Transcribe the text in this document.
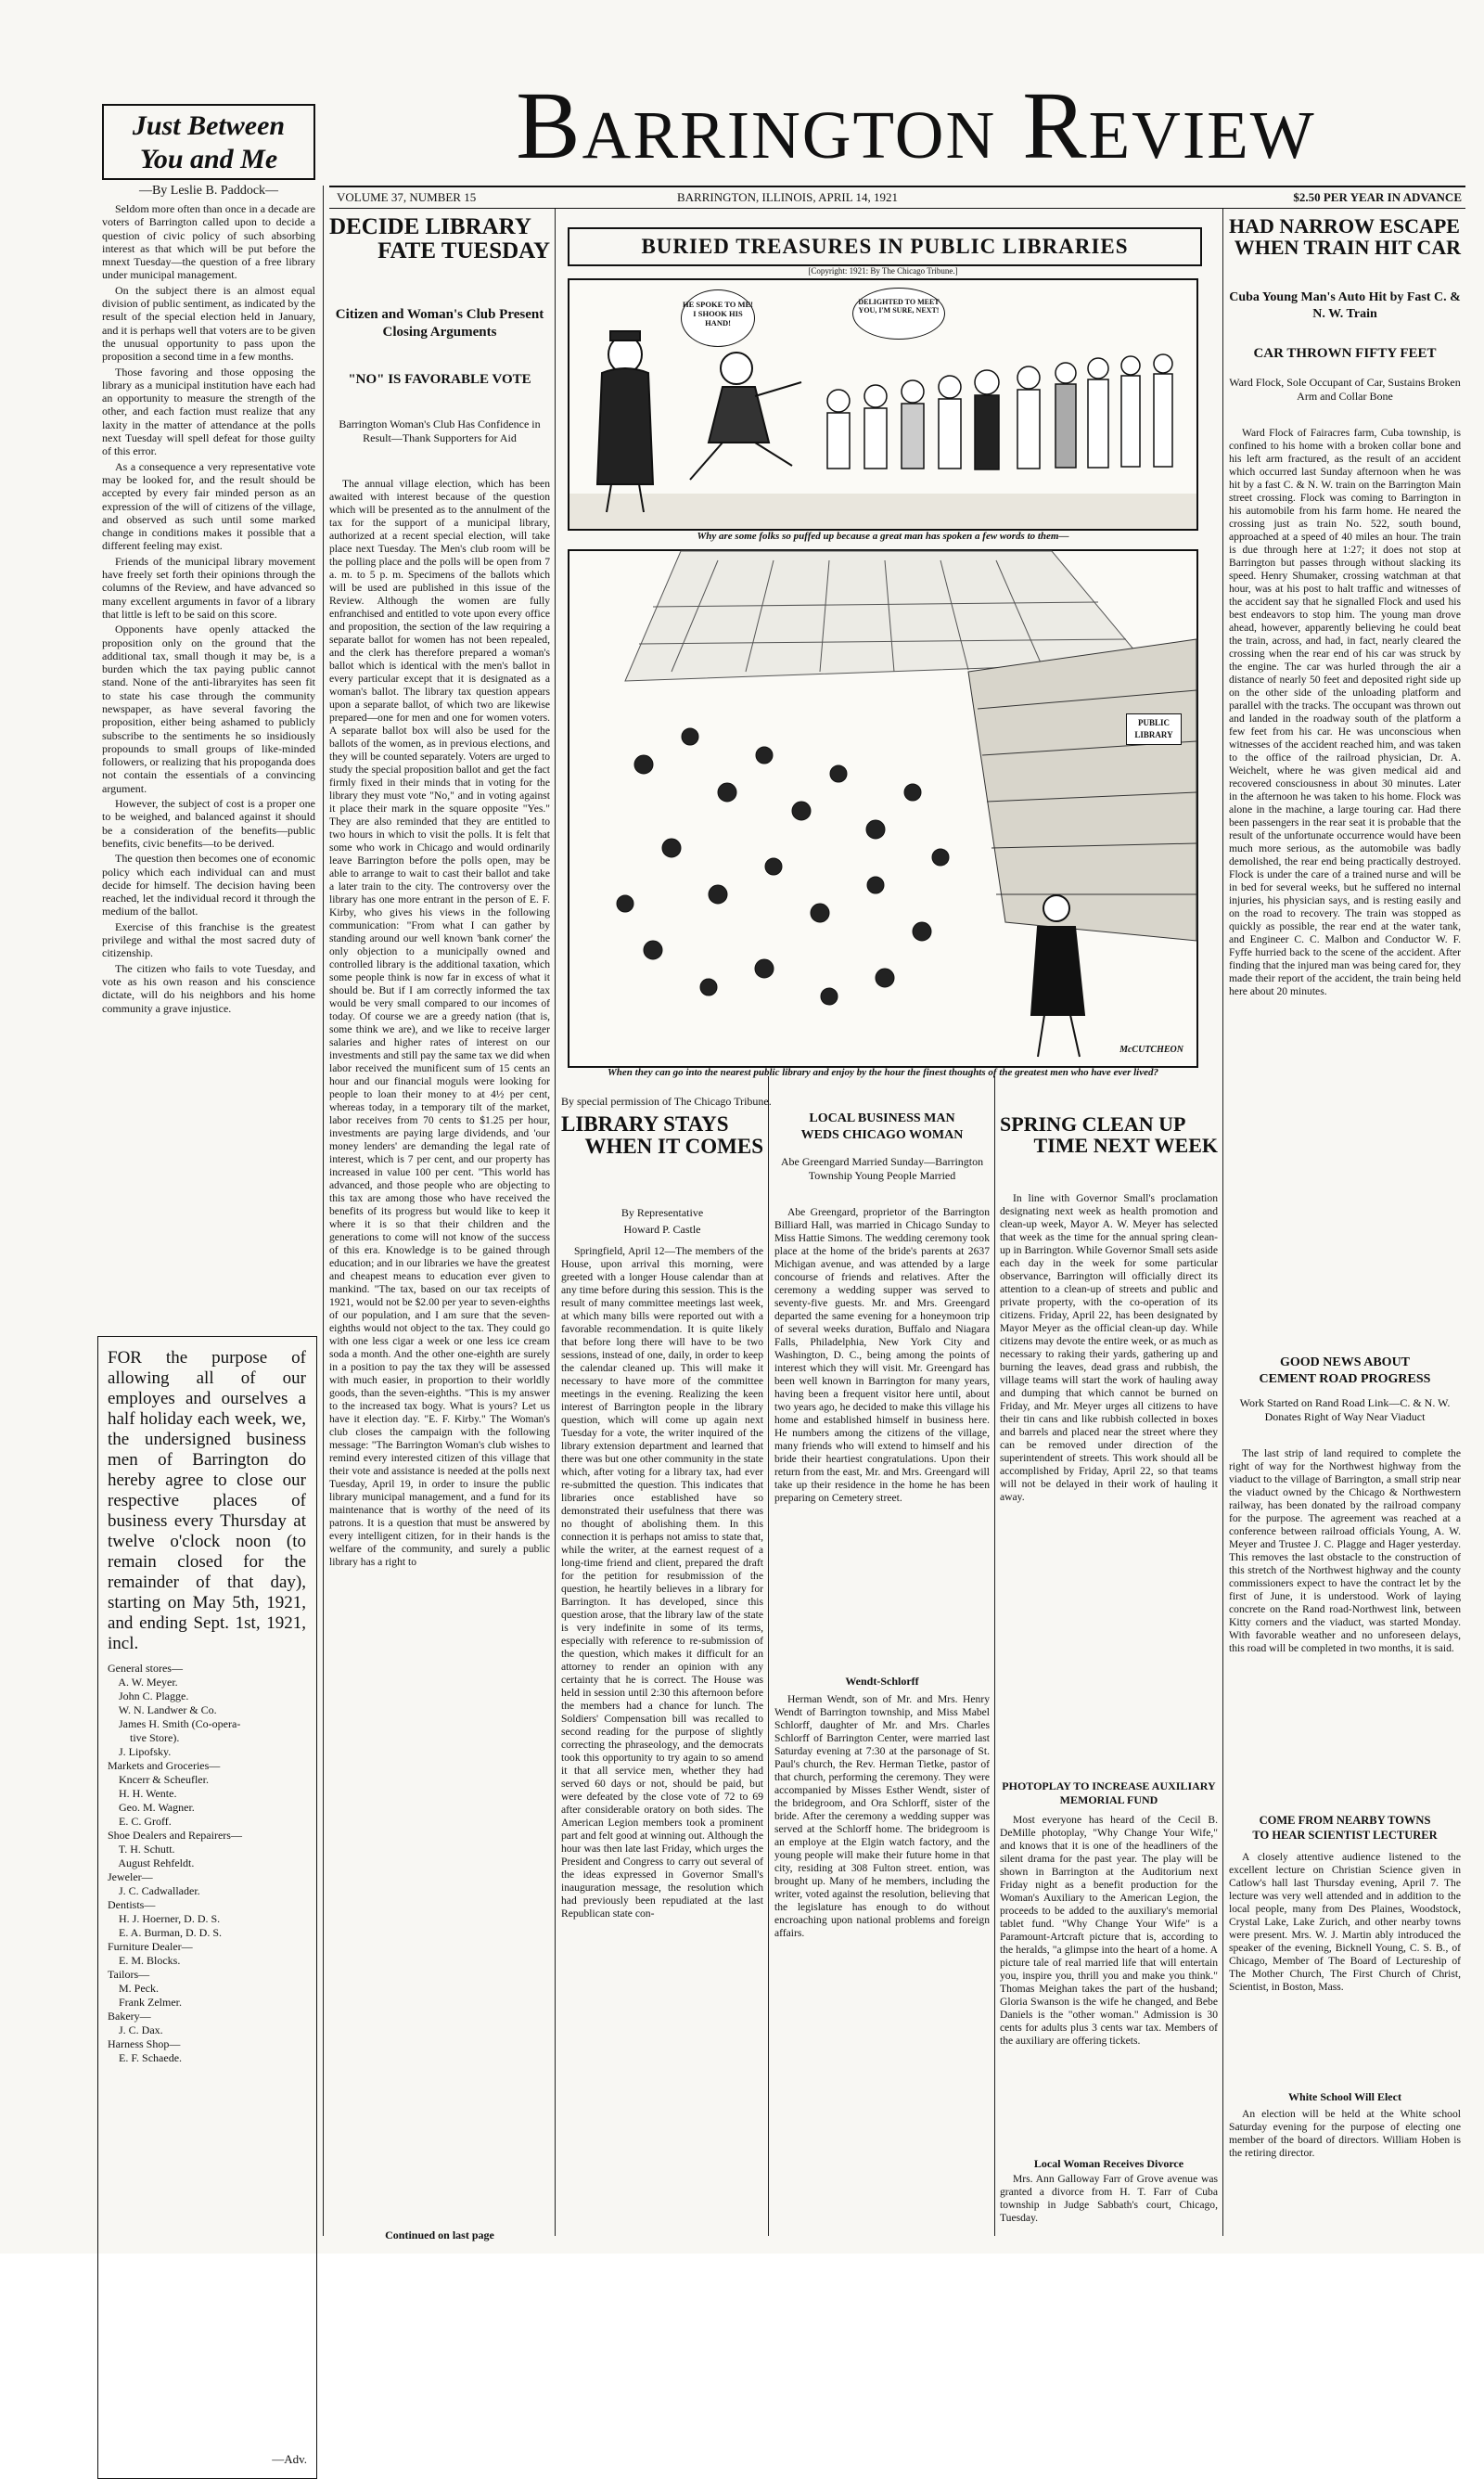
Just Between
You and Me
—By Leslie B. Paddock—
Barrington Review
VOLUME 37, NUMBER 15	BARRINGTON, ILLINOIS, APRIL 14, 1921	$2.50 PER YEAR IN ADVANCE

Seldom more often than once in a decade are voters of Barrington called upon to decide a question of civic policy of such absorbing interest as that which will be put before the mnext Tuesday—the question of a free library under municipal management.

On the subject there is an almost equal division of public sentiment, as indicated by the result of the special election held in January, and it is perhaps well that voters are to be given the unusual opportunity to pass upon the proposition a second time in a few months.

Those favoring and those opposing the library as a municipal institution have each had an opportunity to measure the strength of the other, and each faction must realize that any laxity in the matter of attendance at the polls next Tuesday will spell defeat for those guilty of this error.

As a consequence a very representative vote may be looked for, and the result should be accepted by every fair minded person as an expression of the will of citizens of the village, and observed as such until some marked change in conditions makes it possible that a different feeling may exist.

Friends of the municipal library movement have freely set forth their opinions through the columns of the Review, and have advanced so many excellent arguments in favor of a library that little is left to be said on this score.

Opponents have openly attacked the proposition only on the ground that the additional tax, small though it may be, is a burden which the tax paying public cannot stand. None of the anti-libraryites has seen fit to state his case through the community newspaper, as have several favoring the proposition, either being ashamed to publicly subscribe to the sentiments he so insidiously propounds to small groups of like-minded followers, or realizing that his propoganda does not contain the essentials of a convincing argument.

However, the subject of cost is a proper one to be weighed, and balanced against it should be a consideration of the benefits—public benefits, civic benefits—to be derived.

The question then becomes one of economic policy which each individual can and must decide for himself. The decision having been reached, let the individual record it through the medium of the ballot.

Exercise of this franchise is the greatest privilege and withal the most sacred duty of citizenship.

The citizen who fails to vote Tuesday, and vote as his own reason and his conscience dictate, will do his neighbors and his home community a grave injustice.

FOR the purpose of allowing all of our employes and ourselves a half holiday each week, we, the undersigned business men of Barrington do hereby agree to close our respective places of business every Thursday at twelve o'clock noon (to remain closed for the remainder of that day), starting on May 5th, 1921, and ending Sept. 1st, 1921, incl.
General stores—
A. W. Meyer.
John C. Plagge.
W. N. Landwer & Co.
James H. Smith (Co-opera-
tive Store).
J. Lipofsky.
Markets and Groceries—
Kncerr & Scheufler.
H. H. Wente.
Geo. M. Wagner.
E. C. Groff.
Shoe Dealers and Repairers—
T. H. Schutt.
August Rehfeldt.
Jeweler—
J. C. Cadwallader.
Dentists—
H. J. Hoerner, D. D. S.
E. A. Burman, D. D. S.
Furniture Dealer—
E. M. Blocks.
Tailors—
M. Peck.
Frank Zelmer.
Bakery—
J. C. Dax.
Harness Shop—
E. F. Schaede.
—Adv.
DECIDE LIBRARY
FATE TUESDAY
Citizen and Woman's Club Present Closing Arguments
"NO" IS FAVORABLE VOTE
Barrington Woman's Club Has Confidence in Result—Thank Supporters for Aid

The annual village election, which has been awaited with interest because of the question which will be presented as to the annulment of the tax for the support of a municipal library, authorized at a recent special election, will take place next Tuesday. The Men's club room will be the polling place and the polls will be open from 7 a. m. to 5 p. m. Specimens of the ballots which will be used are published in this issue of the Review. Although the women are fully enfranchised and entitled to vote upon every office and proposition, the section of the law requiring a separate ballot for women has not been repealed, and the clerk has therefore prepared a woman's ballot which is identical with the men's ballot in every particular except that it is designated as a woman's ballot. The library tax question appears upon a separate ballot, of which two are likewise prepared—one for men and one for women voters. A separate ballot box will also be used for the ballots of the women, as in previous elections, and they will be counted separately. Voters are urged to study the special proposition ballot and get the fact firmly fixed in their minds that in voting for the library they must vote "No," and in voting against it place their mark in the square opposite "Yes." They are also reminded that they are entitled to two hours in which to visit the polls. It is felt that some who work in Chicago and would ordinarily leave Barrington before the polls open, may be able to arrange to wait to cast their ballot and take a later train to the city. The controversy over the library has one more entrant in the person of E. F. Kirby, who gives his views in the following communication: "From what I can gather by standing around our well known 'bank corner' the only objection to a municipally owned and controlled library is the additional taxation, which some people think is now far in excess of what it should be. But if I am correctly informed the tax would be very small compared to our incomes of today. Of course we are a greedy nation (that is, some think we are), and we like to receive larger salaries and higher rates of interest on our investments and still pay the same tax we did when labor received the munificent sum of 15 cents an hour and our financial moguls were looking for people to loan their money to at 4½ per cent, whereas today, in a temporary tilt of the market, labor receives from 70 cents to $1.25 per hour, investments are paying large dividends, and 'our money lenders' are demanding the legal rate of interest, which is 7 per cent, and our property has increased in value 100 per cent. "This world has advanced, and those people who are objecting to this tax are among those who have received the benefits of its progress but would like to keep it where it is so that their children and the generations to come will not know of the success of this era. Knowledge is to be gained through education; and in our libraries we have the greatest and cheapest means to education ever given to mankind. "The tax, based on our tax receipts of 1921, would not be $2.00 per year to seven-eighths of our population, and I am sure that the seven-eighths would not object to the tax. They could go with one less cigar a week or one less ice cream soda a month. And the other one-eighth are surely in a position to pay the tax they will be assessed with much easier, in proportion to their worldly goods, than the seven-eighths. "This is my answer to the increased tax bogy. What is yours? Let us have it election day. "E. F. Kirby." The Woman's club closes the campaign with the following message: "The Barrington Woman's club wishes to remind every interested citizen of this village that their vote and assistance is needed at the polls next Tuesday, April 19, in order to insure the public library municipal management, and a fund for its maintenance that is worthy of the need of its patrons. It is a question that must be answered by every intelligent citizen, for in their hands is the welfare of the community, and surely a public library has a right to

Continued on last page
BURIED TREASURES IN PUBLIC LIBRARIES
[Copyright: 1921: By The Chicago Tribune.]
HE SPOKE TO ME! I SHOOK HIS HAND!
DELIGHTED TO MEET YOU, I'M SURE, NEXT!
Why are some folks so puffed up because a great man has spoken a few words to them—
PUBLIC LIBRARY
McCUTCHEON
When they can go into the nearest public library and enjoy by the hour the finest thoughts of the greatest men who have ever lived?
By special permission of The Chicago Tribune.
LIBRARY STAYS
WHEN IT COMES
By Representative
Howard P. Castle

Springfield, April 12—The members of the House, upon arrival this morning, were greeted with a longer House calendar than at any time before during this session. This is the result of many committee meetings last week, at which many bills were reported out with a favorable recommendation. It is quite likely that before long there will have to be two sessions, instead of one, daily, in order to keep the calendar cleaned up. This will make it necessary to have more of the committee meetings in the evening. Realizing the keen interest of Barrington people in the library question, which will come up again next Tuesday for a vote, the writer inquired of the library extension department and learned that there was but one other community in the state which, after voting for a library tax, had ever re-submitted the question. This indicates that libraries once established have so demonstrated their usefulness that there was no thought of abolishing them. In this connection it is perhaps not amiss to state that, while the writer, at the earnest request of a long-time friend and client, prepared the draft for the petition for resubmission of the question, he heartily believes in a library for Barrington. It has developed, since this question arose, that the library law of the state is very indefinite in some of its terms, especially with reference to re-submission of the question, which makes it difficult for an attorney to render an opinion with any certainty that he is correct. The House was held in session until 2:30 this afternoon before the members had a chance for lunch. The Soldiers' Compensation bill was recalled to second reading for the purpose of slightly correcting the phraseology, and the democrats took this opportunity to try again to so amend it that all service men, whether they had served 60 days or not, should be paid, but were defeated by the close vote of 72 to 69 after considerable oratory on both sides. The American Legion members took a prominent part and felt good at winning out. Although the hour was then late last Friday, which urges the President and Congress to carry out several of the ideas expressed in Governor Small's inauguration message, the resolution which had previously been repudiated at the last Republican state con-

LOCAL BUSINESS MAN
WEDS CHICAGO WOMAN
Abe Greengard Married Sunday—Barrington Township Young People Married

Abe Greengard, proprietor of the Barrington Billiard Hall, was married in Chicago Sunday to Miss Hattie Simons. The wedding ceremony took place at the home of the bride's parents at 2637 Michigan avenue, and was attended by a large concourse of friends and relatives. After the ceremony a wedding supper was served to seventy-five guests. Mr. and Mrs. Greengard departed the same evening for a honeymoon trip of several weeks duration, Buffalo and Niagara Falls, Philadelphia, New York City and Washington, D. C., being among the points of interest which they will visit. Mr. Greengard has been well known in Barrington for many years, having been a frequent visitor here until, about two years ago, he decided to make this village his home and established himself in business here. He numbers among the citizens of the village, many friends who will extend to himself and his bride their heartiest congratulations. Upon their return from the east, Mr. and Mrs. Greengard will take up their residence in the home he has been preparing on Cemetery street.

Wendt-Schlorff

Herman Wendt, son of Mr. and Mrs. Henry Wendt of Barrington township, and Miss Mabel Schlorff, daughter of Mr. and Mrs. Charles Schlorff of Barrington Center, were married last Saturday evening at 7:30 at the parsonage of St. Paul's church, the Rev. Herman Tietke, pastor of that church, performing the ceremony. They were accompanied by Misses Esther Wendt, sister of the bridegroom, and Ora Schlorff, sister of the bride. After the ceremony a wedding supper was served at the Schlorff home. The bridegroom is an employe at the Elgin watch factory, and the young people will make their future home in that city, residing at 308 Fulton street. ention, was brought up. Many of he members, including the writer, voted against the resolution, believing that the legislature has enough to do without encroaching upon national problems and foreign affairs.

SPRING CLEAN UP
TIME NEXT WEEK

In line with Governor Small's proclamation designating next week as health promotion and clean-up week, Mayor A. W. Meyer has selected that week as the time for the annual spring clean-up in Barrington. While Governor Small sets aside each day in the week for some particular observance, Barrington will officially direct its attention to a clean-up of streets and public and private property, with the co-operation of its citizens. Friday, April 22, has been designated by Mayor Meyer as the official clean-up day. While citizens may devote the entire week, or as much as necessary to raking their yards, gathering up and burning the leaves, dead grass and rubbish, the village teams will start the work of hauling away and dumping that which cannot be burned on Friday, and Mr. Meyer urges all citizens to have their tin cans and like rubbish collected in boxes and barrels and placed near the street where they can be removed under direction of the superintendent of streets. This work should all be accomplished by Friday, April 22, so that teams will not be delayed in their work of hauling it away.

PHOTOPLAY TO INCREASE AUXILIARY MEMORIAL FUND

Most everyone has heard of the Cecil B. DeMille photoplay, "Why Change Your Wife," and knows that it is one of the headliners of the silent drama for the past year. The play will be shown in Barrington at the Auditorium next Friday night as a benefit production for the Woman's Auxiliary to the American Legion, the proceeds to be added to the auxiliary's memorial tablet fund. "Why Change Your Wife" is a Paramount-Artcraft picture that is, according to the heralds, "a glimpse into the heart of a home. A picture tale of real married life that will entertain you, inspire you, thrill you and make you think." Thomas Meighan takes the part of the husband; Gloria Swanson is the wife he changed, and Bebe Daniels is the "other woman." Admission is 30 cents for adults plus 3 cents war tax. Members of the auxiliary are offering tickets.

Local Woman Receives Divorce

Mrs. Ann Galloway Farr of Grove avenue was granted a divorce from H. T. Farr of Cuba township in Judge Sabbath's court, Chicago, Tuesday.

HAD NARROW ESCAPE
WHEN TRAIN HIT CAR
Cuba Young Man's Auto Hit by Fast C. & N. W. Train
CAR THROWN FIFTY FEET
Ward Flock, Sole Occupant of Car, Sustains Broken Arm and Collar Bone

Ward Flock of Fairacres farm, Cuba township, is confined to his home with a broken collar bone and his left arm fractured, as the result of an accident which occurred last Sunday afternoon when he was hit by a fast C. & N. W. train on the Barrington Main street crossing. Flock was coming to Barrington in his automobile from his farm home. He neared the crossing just as train No. 522, south bound, approached at a speed of 40 miles an hour. The train is due through here at 1:27; it does not stop at Barrington but passes through without slacking its speed. Henry Shumaker, crossing watchman at that hour, was at his post to halt traffic and witnesses of the accident say that he signalled Flock and used his best endeavors to stop him. The young man drove ahead, however, apparently believing he could beat the train, across, and had, in fact, nearly cleared the crossing when the rear end of his car was struck by the engine. The car was hurled through the air a distance of nearly 50 feet and deposited right side up on the other side of the unloading platform and parallel with the tracks. The occupant was thrown out and landed in the roadway south of the platform a few feet from his car. He was unconscious when witnesses of the accident reached him, and was taken to the office of the railroad physician, Dr. A. Weichelt, where he was given medical aid and recovered consciousness in about 30 minutes. Later in the afternoon he was taken to his home. Flock was alone in the machine, a large touring car. Had there been passengers in the rear seat it is probable that the result of the unfortunate occurrence would have been much more serious, as the automobile was badly demolished, the rear end being practically destroyed. Flock is under the care of a trained nurse and will be in bed for several weeks, but he suffered no internal injuries, his physician says, and is resting easily and on the road to recovery. The train was stopped as quickly as possible, the rear end at the water tank, and Engineer C. C. Malbon and Conductor W. F. Fyffe hurried back to the scene of the accident. After finding that the injured man was being cared for, they made their report of the accident, the train being held here about 20 minutes.

GOOD NEWS ABOUT
CEMENT ROAD PROGRESS
Work Started on Rand Road Link—C. & N. W. Donates Right of Way Near Viaduct

The last strip of land required to complete the right of way for the Northwest highway from the viaduct to the village of Barrington, a small strip near the viaduct owned by the Chicago & Northwestern railway, has been donated by the railroad company for the purpose. The agreement was reached at a conference between railroad officials Young, A. W. Meyer and Trustee J. C. Plagge and Hager yesterday. This removes the last obstacle to the construction of this stretch of the Northwest highway and the county commissioners expect to have the contract let by the first of June, it is understood. Work of laying concrete on the Rand road-Northwest link, between Kitty corners and the viaduct, was started Monday. With favorable weather and no unforeseen delays, this road will be completed in two months, it is said.

COME FROM NEARBY TOWNS
TO HEAR SCIENTIST LECTURER

A closely attentive audience listened to the excellent lecture on Christian Science given in Catlow's hall last Thursday evening, April 7. The lecture was very well attended and in addition to the local people, many from Des Plaines, Woodstock, Crystal Lake, Lake Zurich, and other nearby towns were present. Mrs. W. J. Martin ably introduced the speaker of the evening, Bicknell Young, C. S. B., of Chicago, Member of The Board of Lectureship of The Mother Church, The First Church of Christ, Scientist, in Boston, Mass.

White School Will Elect

An election will be held at the White school Saturday evening for the purpose of electing one member of the board of directors. William Hoben is the retiring director.
